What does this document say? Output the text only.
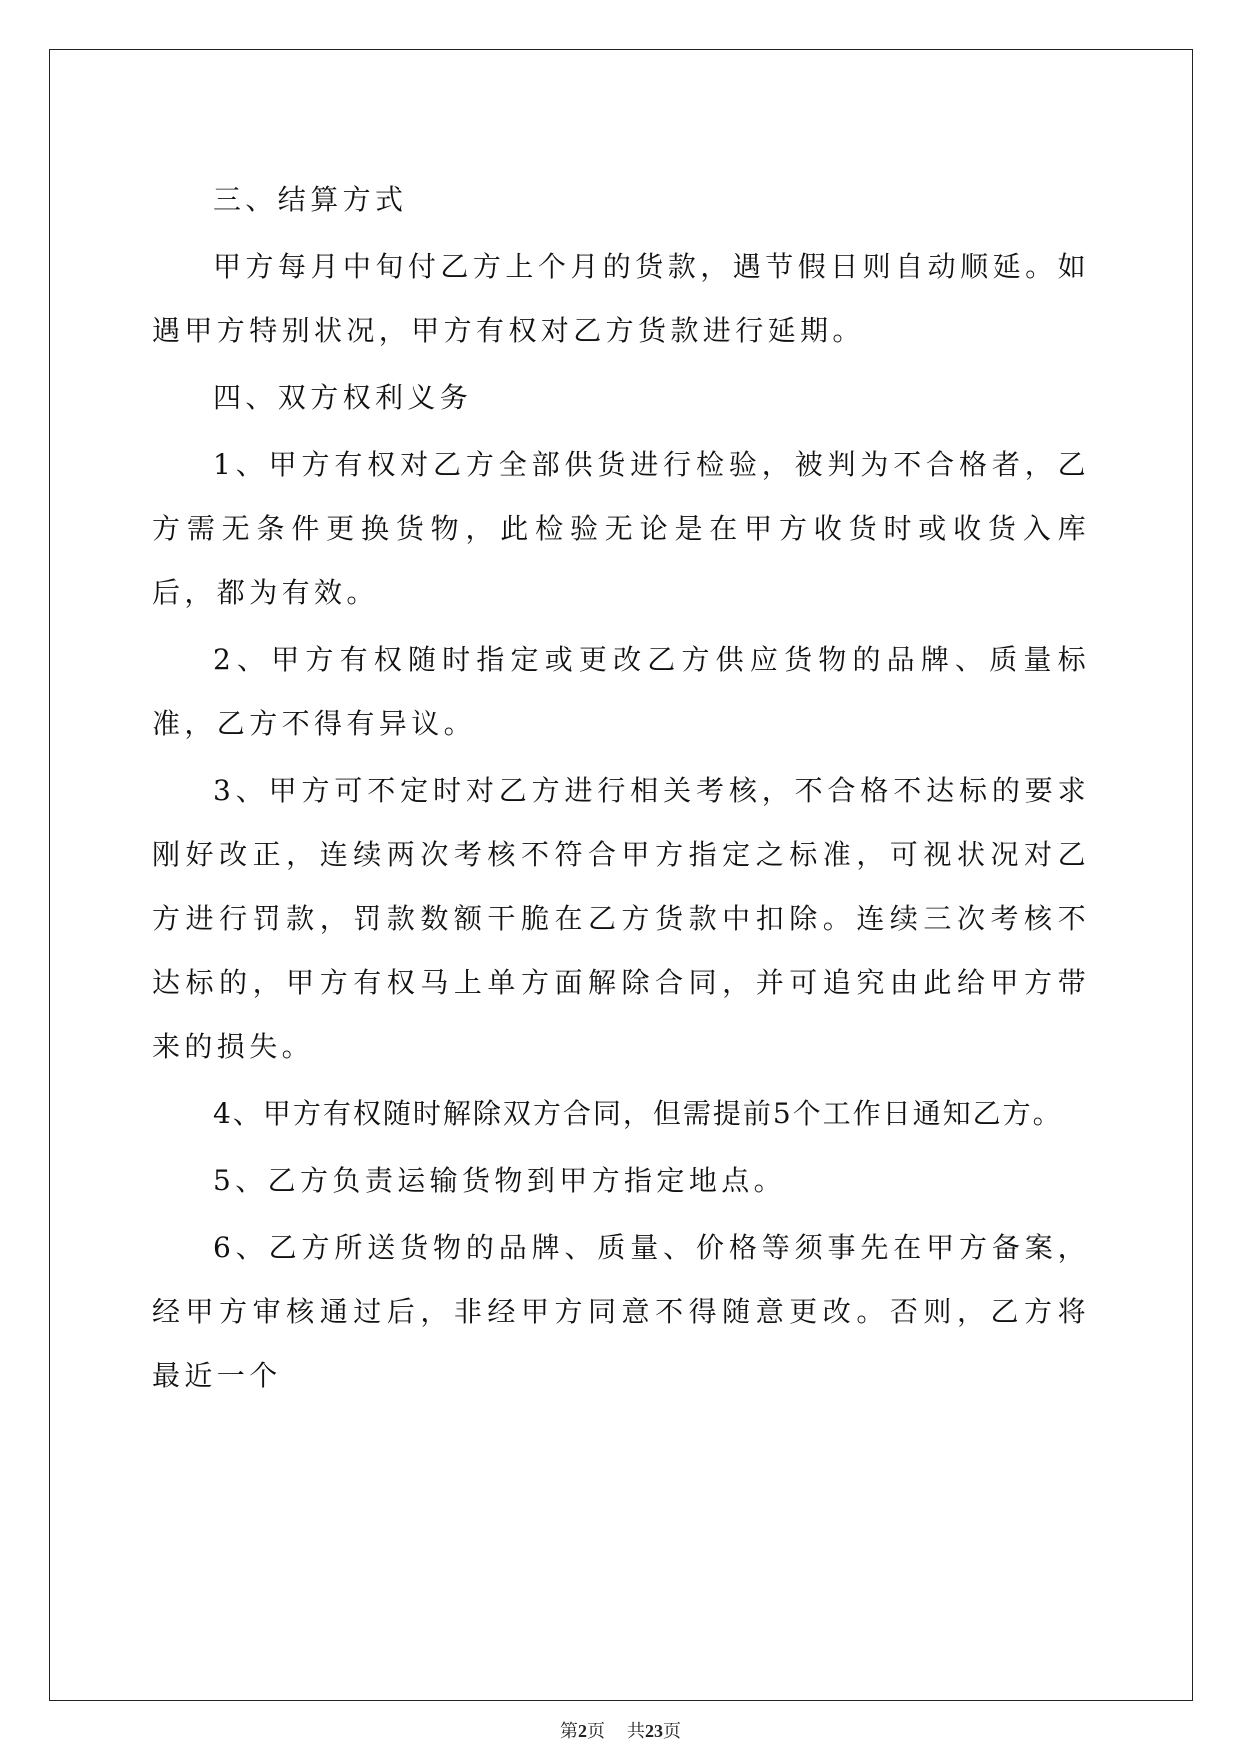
三、结算方式

甲方每月中旬付乙方上个月的货款，遇节假日则自动顺延。如遇甲方特别状况，甲方有权对乙方货款进行延期。

四、双方权利义务

1、甲方有权对乙方全部供货进行检验，被判为不合格者，乙方需无条件更换货物，此检验无论是在甲方收货时或收货入库后，都为有效。

2、甲方有权随时指定或更改乙方供应货物的品牌、质量标准，乙方不得有异议。

3、甲方可不定时对乙方进行相关考核，不合格不达标的要求刚好改正，连续两次考核不符合甲方指定之标准，可视状况对乙方进行罚款，罚款数额干脆在乙方货款中扣除。连续三次考核不达标的，甲方有权马上单方面解除合同，并可追究由此给甲方带来的损失。

4、甲方有权随时解除双方合同，但需提前5个工作日通知乙方。

5、乙方负责运输货物到甲方指定地点。

6、乙方所送货物的品牌、质量、价格等须事先在甲方备案，经甲方审核通过后，非经甲方同意不得随意更改。否则，乙方将最近一个

第2页 共23页
